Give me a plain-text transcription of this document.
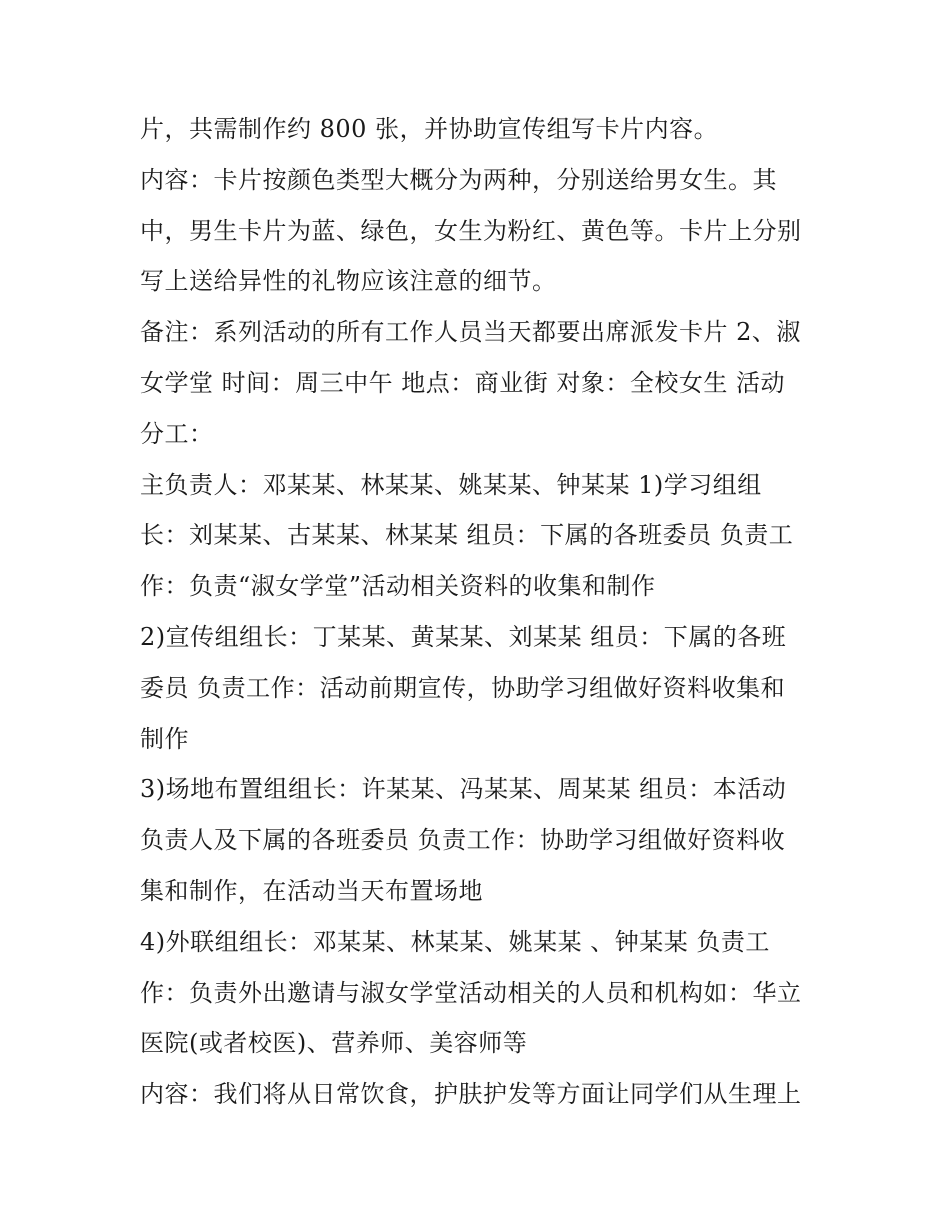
片，共需制作约 800 张，并协助宣传组写卡片内容。
内容：卡片按颜色类型大概分为两种，分别送给男女生。其
中，男生卡片为蓝、绿色，女生为粉红、黄色等。卡片上分别
写上送给异性的礼物应该注意的细节。
备注：系列活动的所有工作人员当天都要出席派发卡片 2、淑
女学堂 时间：周三中午 地点：商业街 对象：全校女生 活动
分工：
主负责人：邓某某、林某某、姚某某、钟某某 1)学习组组
长：刘某某、古某某、林某某 组员：下属的各班委员 负责工
作：负责“淑女学堂”活动相关资料的收集和制作
2)宣传组组长：丁某某、黄某某、刘某某 组员：下属的各班
委员 负责工作：活动前期宣传，协助学习组做好资料收集和
制作
3)场地布置组组长：许某某、冯某某、周某某 组员：本活动
负责人及下属的各班委员 负责工作：协助学习组做好资料收
集和制作，在活动当天布置场地
4)外联组组长：邓某某、林某某、姚某某 、钟某某 负责工
作：负责外出邀请与淑女学堂活动相关的人员和机构如：华立
医院(或者校医)、营养师、美容师等
内容：我们将从日常饮食，护肤护发等方面让同学们从生理上
